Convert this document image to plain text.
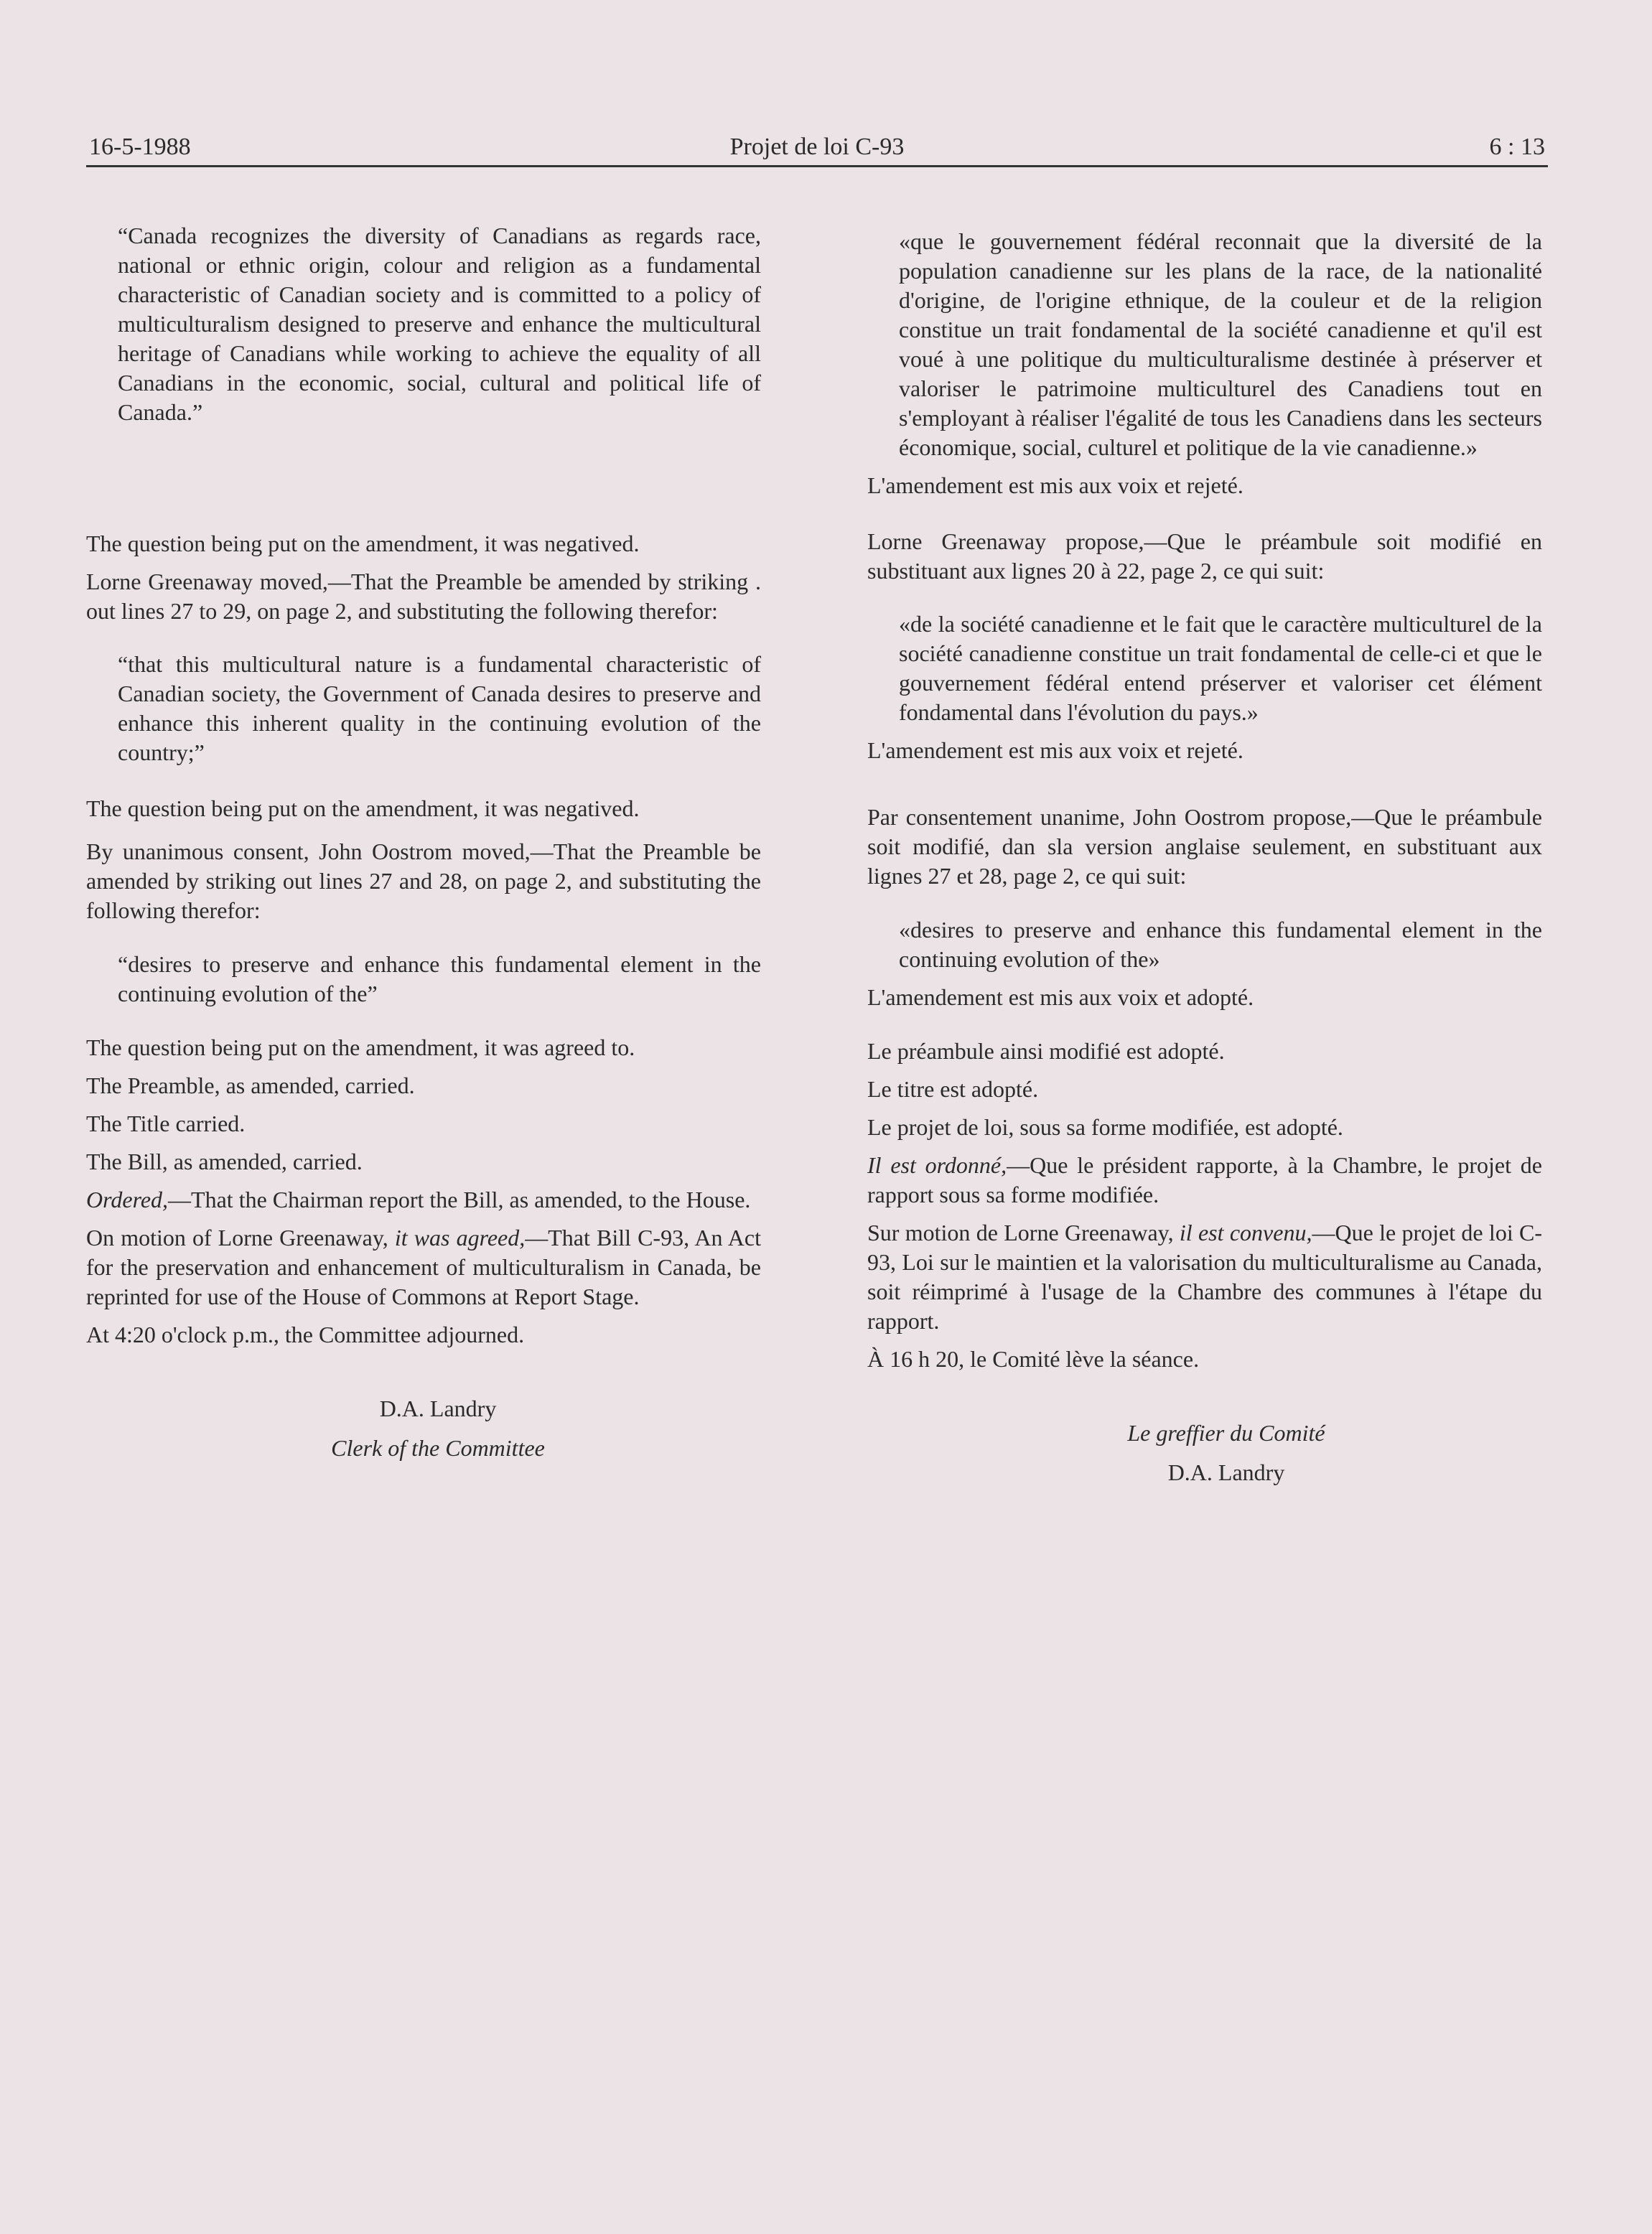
16-5-1988	Projet de loi C-93	6 : 13

“Canada recognizes the diversity of Canadians as regards race, national or ethnic origin, colour and religion as a fundamental characteristic of Canadian society and is committed to a policy of multiculturalism designed to preserve and enhance the multicultural heritage of Canadians while working to achieve the equality of all Canadians in the economic, social, cultural and political life of Canada.”

The question being put on the amendment, it was negatived.

Lorne Greenaway moved,—That the Preamble be amended by striking . out lines 27 to 29, on page 2, and substituting the following therefor:

“that this multicultural nature is a fundamental characteristic of Canadian society, the Government of Canada desires to preserve and enhance this inherent quality in the continuing evolution of the country;”

The question being put on the amendment, it was negatived.

By unanimous consent, John Oostrom moved,—That the Preamble be amended by striking out lines 27 and 28, on page 2, and substituting the following therefor:

“desires to preserve and enhance this fundamental element in the continuing evolution of the”

The question being put on the amendment, it was agreed to.

The Preamble, as amended, carried.

The Title carried.

The Bill, as amended, carried.

Ordered,—That the Chairman report the Bill, as amended, to the House.

On motion of Lorne Greenaway, it was agreed,—That Bill C-93, An Act for the preservation and enhancement of multiculturalism in Canada, be reprinted for use of the House of Commons at Report Stage.

At 4:20 o'clock p.m., the Committee adjourned.

D.A. Landry

Clerk of the Committee

«que le gouvernement fédéral reconnait que la diversité de la population canadienne sur les plans de la race, de la nationalité d'origine, de l'origine ethnique, de la couleur et de la religion constitue un trait fondamental de la société canadienne et qu'il est voué à une politique du multiculturalisme destinée à préserver et valoriser le patrimoine multiculturel des Canadiens tout en s'employant à réaliser l'égalité de tous les Canadiens dans les secteurs économique, social, culturel et politique de la vie canadienne.»

L'amendement est mis aux voix et rejeté.

Lorne Greenaway propose,—Que le préambule soit modifié en substituant aux lignes 20 à 22, page 2, ce qui suit:

«de la société canadienne et le fait que le caractère multiculturel de la société canadienne constitue un trait fondamental de celle-ci et que le gouvernement fédéral entend préserver et valoriser cet élément fondamental dans l'évolution du pays.»

L'amendement est mis aux voix et rejeté.

Par consentement unanime, John Oostrom propose,—Que le préambule soit modifié, dan sla version anglaise seulement, en substituant aux lignes 27 et 28, page 2, ce qui suit:

«desires to preserve and enhance this fundamental element in the continuing evolution of the»

L'amendement est mis aux voix et adopté.

Le préambule ainsi modifié est adopté.

Le titre est adopté.

Le projet de loi, sous sa forme modifiée, est adopté.

Il est ordonné,—Que le président rapporte, à la Chambre, le projet de rapport sous sa forme modifiée.

Sur motion de Lorne Greenaway, il est convenu,—Que le projet de loi C-93, Loi sur le maintien et la valorisation du multiculturalisme au Canada, soit réimprimé à l'usage de la Chambre des communes à l'étape du rapport.

À 16 h 20, le Comité lève la séance.

Le greffier du Comité

D.A. Landry
